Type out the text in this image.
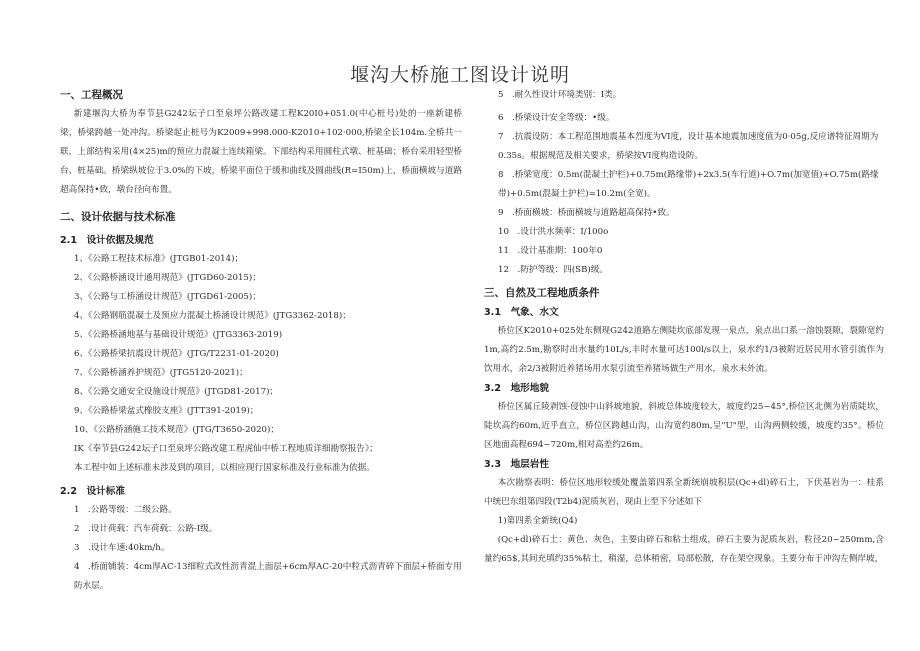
堰沟大桥施工图设计说明
一、工程概况
新建堰沟大桥为奉节县G242坛子口至泉坪公路改建工程K20I0+051.0(中心桩号)处的一座新建桥梁，桥梁跨越一处冲沟。桥梁起止桩号为K2009+998.000-K2010+102·000,桥梁全长104m.全桥共一联，上部结构采用(4×25)m的预应力混凝土连续箱梁。下部结构采用圆柱式墩、桩基础；桥台采用轻型桥台、桩基础。桥梁纵坡位于3.0%的下坡，桥梁平面位于缓和曲线及圆曲线(R=I50m)上，桥面横坡与道路超高保持•致，墩台径向布置。
二、设计依据与技术标准
2.1　设计依据及规范
1、《公路工程技术标准》(JTGB01-2014)；
2、《公路桥涵设计通用规范》(JTGD60-2015)；
3、《公路与工桥涵设计规范》(JTGD61-2005)；
4、《公路钢筋混凝土及预应力混凝土桥涵设计规范》(JTG3362-2018)；
5、《公路桥涵地基与基础设计规范》(JTG3363-2019)
6、《公路桥梁抗震设计规范》(JTG/T2231-01-2020)
7、《公路桥涵养护规范》(JTG5120-2021)；
8、《公路交通安全设施设计规范》(JTGD81-2017)；
9、《公路桥梁盆式橡胶支座》(JTT391-2019)；
10、《公路桥涵施工技术规范》(JTG/T3650-2020)；
IK《奉节县G242坛子口至泉坪公路改建工程虎仙中桥工程地质详细勘察报告》；
本工程中如上述标准未涉及到的项目，以相应现行国家标准及行业标准为依据。
2.2　设计标准
1　.公路等级：二级公路。
2　.设计荷载：汽车荷载：公路-I级。
3　.设计车速:40km/h。
4　.桥面铺装：4cm厚AC-13细粒式改性沥青混上面层+6cm厚AC-20中粒式沥青碎下面层+桥面专用防水层。
5　.耐久性设计环境类别：I类。
6　.桥梁设计安全等级：•级。
7　.抗震设防：本工程范围地震基本烈度为VI度，设计基本地震加速度值为0·05g,反应谱特征周期为0.35s。根据规范及相关要求，桥梁按VI度构造设防。
8　.桥梁宽度：0.5m(混凝土护栏)+0.75m(路缘带)+2x3.5(车行道)+O.7m(加宽值)+O.75m(路缘带)+0.5m(混凝土护栏)=10.2m(全宽)。
9　.桥面横坡：桥面横坡与道路超高保持•致。
10　.设计洪水频率：I/100o
11　.设计基准期：100年0
12　.防护等级：四(SB)级。
三、自然及工程地质条件
3.1　气象、水文
桥位区K2010+025处东侧现G242道路左侧陡坎底部发现一泉点，泉点出口系一溶蚀裂隙，裂隙宽约1m,高约2.5m,勘察时出水量约10L/s,丰时水量可达100l/s以上，泉水约1/3被附近居民用水管引流作为饮用水，余2/3被附近养猪场用水泵引流至养猪场做生产用水，泉水未外流。
3.2　地形地貌
桥位区属丘陵剥蚀-侵蚀中山斜坡地貌，斜坡总体坡度较大，坡度约25~45°,桥位区北侧为岩质陡坎，陡坎高约60m,近乎直立，桥位区跨越山沟，山沟宽约80m,呈"U"型，山沟两侧较缓，坡度约35°。桥位区地面高程694~720m,相对高差约26m。
3.3　地层岩性
本次勘察表明：桥位区地形较缓处覆盖第四系全新统崩坡积层(Qc+dl)碎石土，下伏基岩为一：桂系中统巴东组第四段(T2b4)泥质灰岩，现由上至下分述如下
1)第四系全新统(Q4)
(Qc+dl)碎石土：黄色、灰色，主要由碎石和粘土组成，碎石主要为泥质灰岩，粒径20~250mm,含量约65$,其间充填约35%粘土，稍湿，总体稍密，局部松散，存在架空现象。主要分布于冲沟左侧岸坡，
